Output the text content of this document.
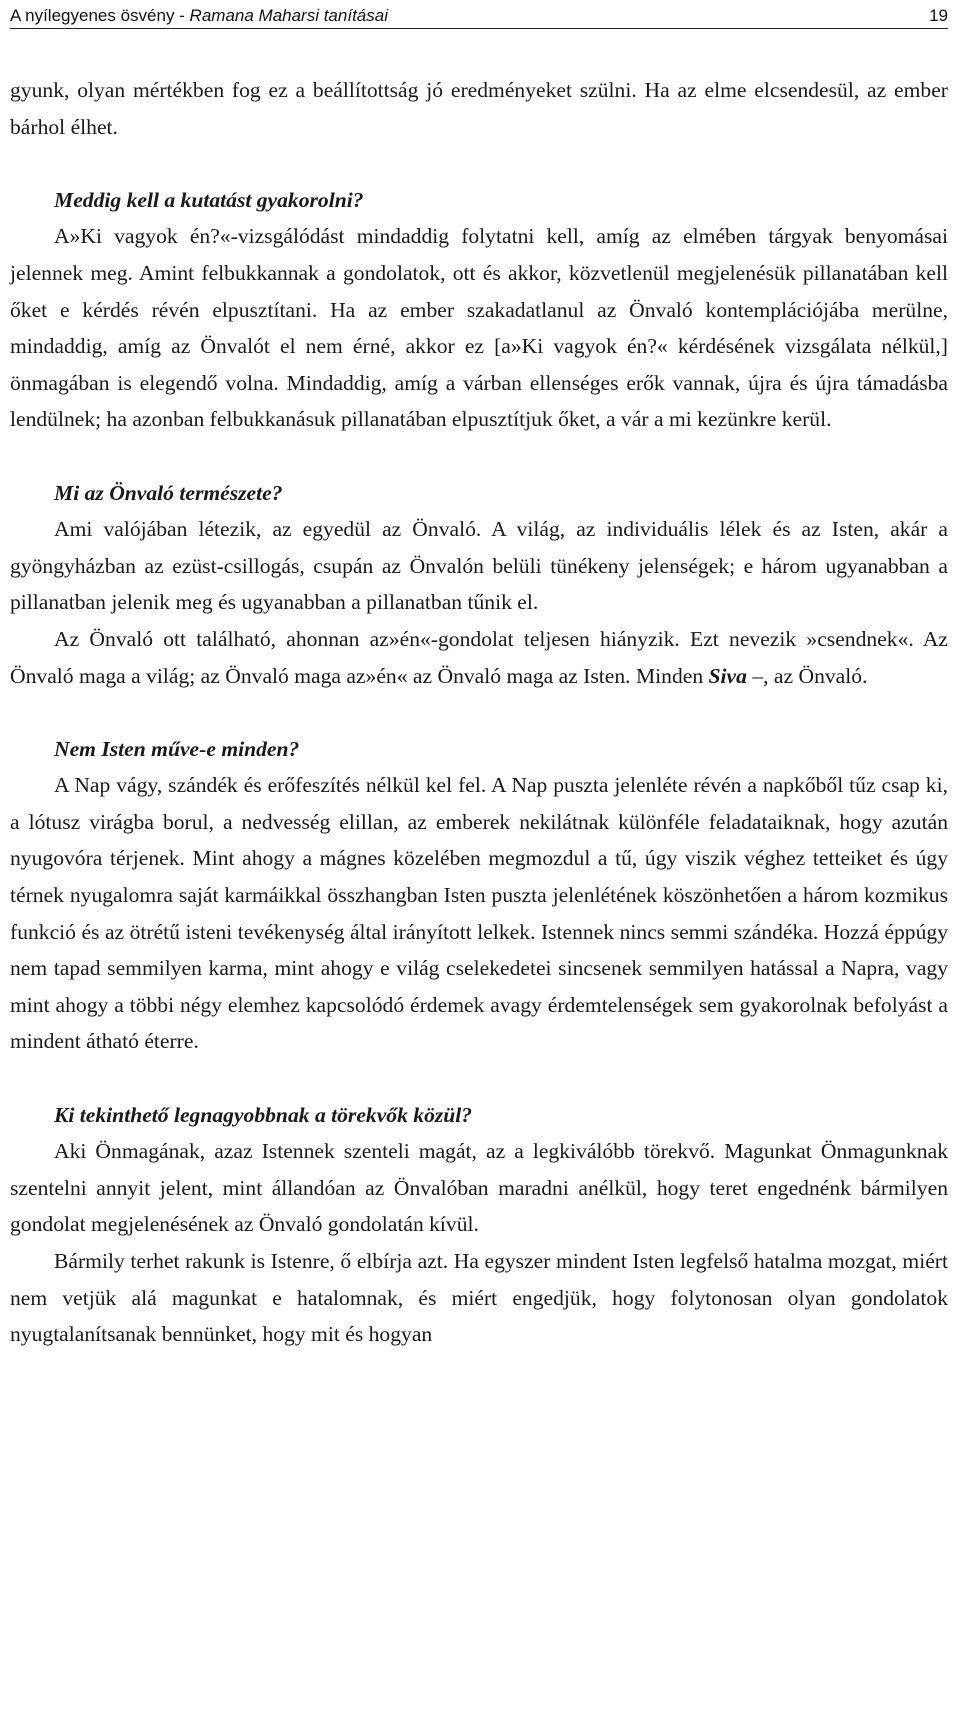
A nyílegyenes ösvény - Ramana Maharsi tanításai	19

gyunk, olyan mértékben fog ez a beállítottság jó eredményeket szülni. Ha az elme elcsendesül, az ember bárhol élhet.

Meddig kell a kutatást gyakorolni?

A»Ki vagyok én?«-vizsgálódást mindaddig folytatni kell, amíg az elmében tárgyak benyomásai jelennek meg. Amint felbukkannak a gondolatok, ott és akkor, közvetlenül megjelenésük pillanatában kell őket e kérdés révén elpusztítani. Ha az ember szakadatlanul az Önvaló kontemplációjába merülne, mindaddig, amíg az Önvalót el nem érné, akkor ez [a»Ki vagyok én?« kérdésének vizsgálata nélkül,] önmagában is elegendő volna. Mindaddig, amíg a várban ellenséges erők vannak, újra és újra támadásba lendülnek; ha azonban felbukkanásuk pillanatában elpusztítjuk őket, a vár a mi kezünkre kerül.

Mi az Önvaló természete?

Ami valójában létezik, az egyedül az Önvaló. A világ, az individuális lélek és az Isten, akár a gyöngyházban az ezüst-csillogás, csupán az Önvalón belüli tünékeny jelenségek; e három ugyanabban a pillanatban jelenik meg és ugyanabban a pillanatban tűnik el.

Az Önvaló ott található, ahonnan az»én«-gondolat teljesen hiányzik. Ezt nevezik »csendnek«. Az Önvaló maga a világ; az Önvaló maga az»én« az Önvaló maga az Isten. Minden Siva –, az Önvaló.

Nem Isten műve-e minden?

A Nap vágy, szándék és erőfeszítés nélkül kel fel. A Nap puszta jelenléte révén a napkőből tűz csap ki, a lótusz virágba borul, a nedvesség elillan, az emberek nekilátnak különféle feladataiknak, hogy azután nyugovóra térjenek. Mint ahogy a mágnes közelében megmozdul a tű, úgy viszik véghez tetteiket és úgy térnek nyugalomra saját karmáikkal összhangban Isten puszta jelenlétének köszönhetően a három kozmikus funkció és az ötrétű isteni tevékenység által irányított lelkek. Istennek nincs semmi szándéka. Hozzá éppúgy nem tapad semmilyen karma, mint ahogy e világ cselekedetei sincsenek semmilyen hatással a Napra, vagy mint ahogy a többi négy elemhez kapcsolódó érdemek avagy érdemtelenségek sem gyakorolnak befolyást a mindent átható éterre.

Ki tekinthető legnagyobbnak a törekvők közül?

Aki Önmagának, azaz Istennek szenteli magát, az a legkiválóbb törekvő. Magunkat Önmagunknak szentelni annyit jelent, mint állandóan az Önvalóban maradni anélkül, hogy teret engednénk bármilyen gondolat megjelenésének az Önvaló gondolatán kívül.

Bármily terhet rakunk is Istenre, ő elbírja azt. Ha egyszer mindent Isten legfelső hatalma mozgat, miért nem vetjük alá magunkat e hatalomnak, és miért engedjük, hogy folytonosan olyan gondolatok nyugtalanítsanak bennünket, hogy mit és hogyan
